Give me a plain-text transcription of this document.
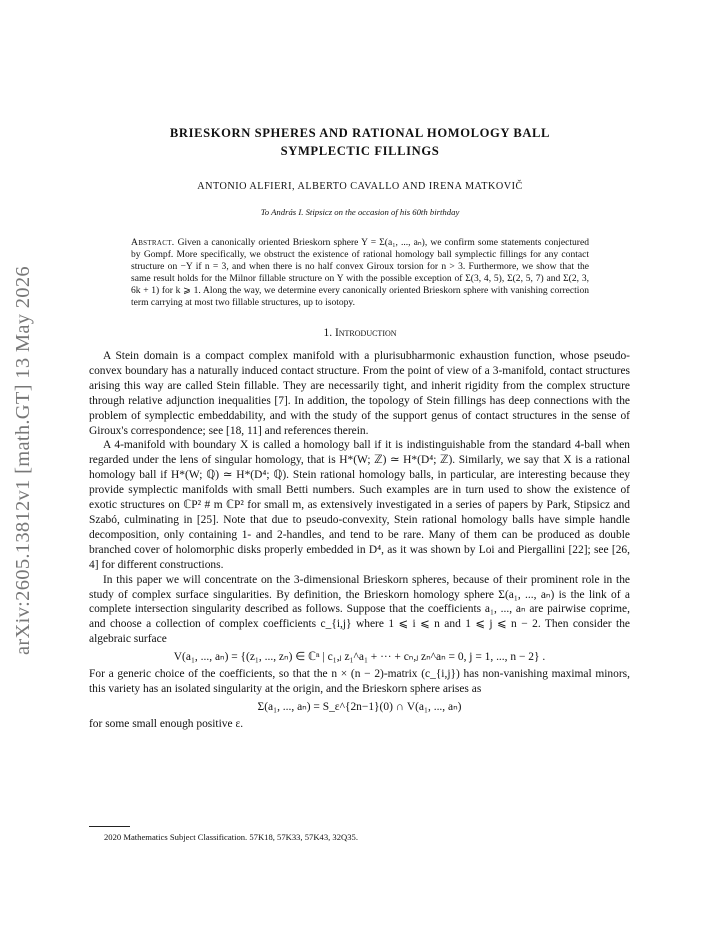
arXiv:2605.13812v1 [math.GT] 13 May 2026
BRIESKORN SPHERES AND RATIONAL HOMOLOGY BALL
SYMPLECTIC FILLINGS
ANTONIO ALFIERI, ALBERTO CAVALLO AND IRENA MATKOVIČ
To András I. Stipsicz on the occasion of his 60th birthday
Abstract. Given a canonically oriented Brieskorn sphere Y = Σ(a₁, ..., aₙ), we confirm some statements conjectured by Gompf. More specifically, we obstruct the existence of rational homology ball symplectic fillings for any contact structure on −Y if n = 3, and when there is no half convex Giroux torsion for n > 3. Furthermore, we show that the same result holds for the Milnor fillable structure on Y with the possible exception of Σ(3, 4, 5), Σ(2, 5, 7) and Σ(2, 3, 6k + 1) for k ⩾ 1. Along the way, we determine every canonically oriented Brieskorn sphere with vanishing correction term carrying at most two fillable structures, up to isotopy.
1. Introduction

A Stein domain is a compact complex manifold with a plurisubharmonic exhaustion function, whose pseudo-convex boundary has a naturally induced contact structure. From the point of view of a 3-manifold, contact structures arising this way are called Stein fillable. They are necessarily tight, and inherit rigidity from the complex structure through relative adjunction inequalities [7]. In addition, the topology of Stein fillings has deep connections with the problem of symplectic embeddability, and with the study of the support genus of contact structures in the sense of Giroux's correspondence; see [18, 11] and references therein.

A 4-manifold with boundary X is called a homology ball if it is indistinguishable from the standard 4-ball when regarded under the lens of singular homology, that is H*(W; ℤ) ≃ H*(D⁴; ℤ). Similarly, we say that X is a rational homology ball if H*(W; ℚ) ≃ H*(D⁴; ℚ). Stein rational homology balls, in particular, are interesting because they provide symplectic manifolds with small Betti numbers. Such examples are in turn used to show the existence of exotic structures on ℂP² # m ℂP² for small m, as extensively investigated in a series of papers by Park, Stipsicz and Szabó, culminating in [25]. Note that due to pseudo-convexity, Stein rational homology balls have simple handle decomposition, only containing 1- and 2-handles, and tend to be rare. Many of them can be produced as double branched cover of holomorphic disks properly embedded in D⁴, as it was shown by Loi and Piergallini [22]; see [26, 4] for different constructions.

In this paper we will concentrate on the 3-dimensional Brieskorn spheres, because of their prominent role in the study of complex surface singularities. By definition, the Brieskorn homology sphere Σ(a₁, ..., aₙ) is the link of a complete intersection singularity described as follows. Suppose that the coefficients a₁, ..., aₙ are pairwise coprime, and choose a collection of complex coefficients c_{i,j} where 1 ⩽ i ⩽ n and 1 ⩽ j ⩽ n − 2. Then consider the algebraic surface

V(a₁, ..., aₙ) = {(z₁, ..., zₙ) ∈ ℂⁿ | c₁,ⱼ z₁^a₁ + ··· + cₙ,ⱼ zₙ^aₙ = 0, j = 1, ..., n − 2} .

For a generic choice of the coefficients, so that the n × (n − 2)-matrix (c_{i,j}) has non-vanishing maximal minors, this variety has an isolated singularity at the origin, and the Brieskorn sphere arises as

Σ(a₁, ..., aₙ) = S_ε^{2n−1}(0) ∩ V(a₁, ..., aₙ)

for some small enough positive ε.

2020 Mathematics Subject Classification. 57K18, 57K33, 57K43, 32Q35.
